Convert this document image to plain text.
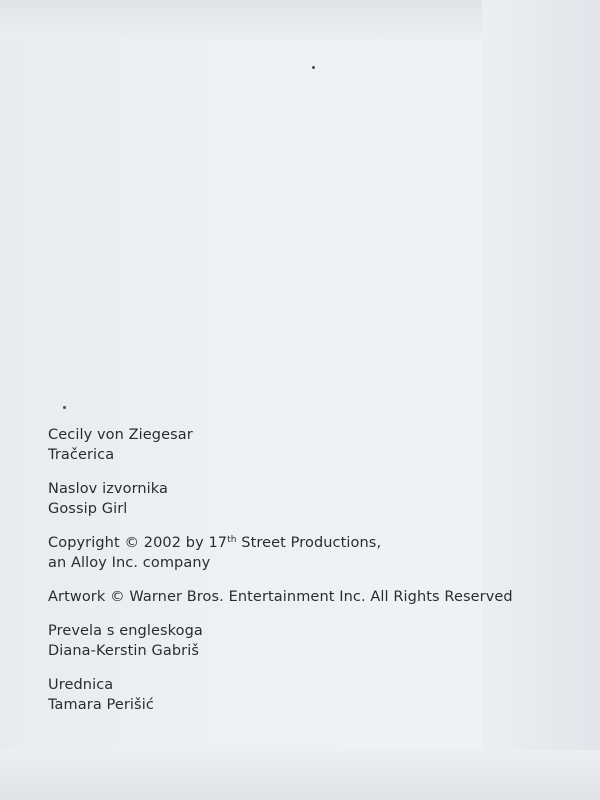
Cecily von Ziegesar
Tračerica
Naslov izvornika
Gossip Girl
Copyright © 2002 by 17th Street Productions,
an Alloy Inc. company
Artwork © Warner Bros. Entertainment Inc. All Rights Reserved
Prevela s engleskoga
Diana-Kerstin Gabriš
Urednica
Tamara Perišić
